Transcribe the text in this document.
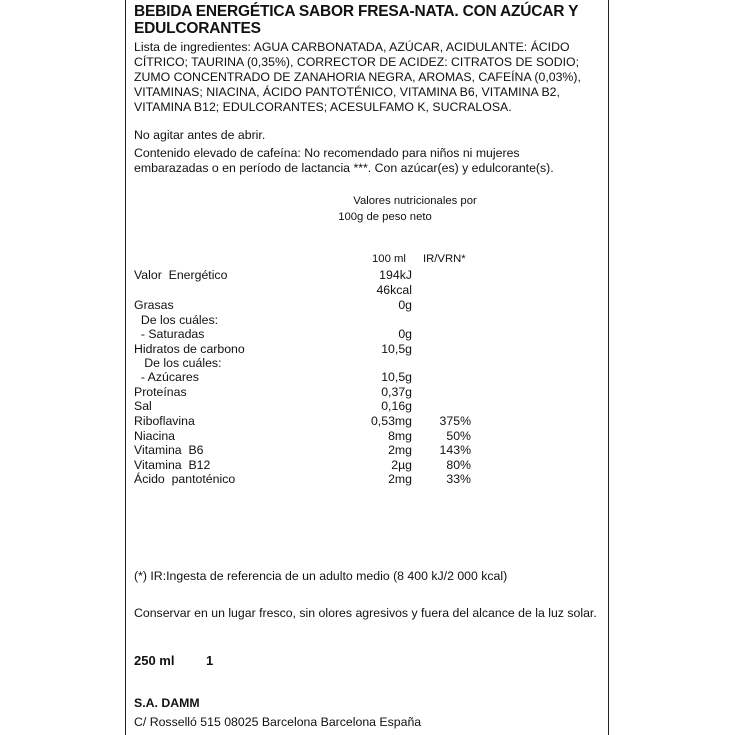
BEBIDA ENERGÉTICA SABOR FRESA-NATA. CON AZÚCAR Y EDULCORANTES
Lista de ingredientes: AGUA CARBONATADA, AZÚCAR, ACIDULANTE: ÁCIDO CÍTRICO; TAURINA (0,35%), CORRECTOR DE ACIDEZ: CITRATOS DE SODIO; ZUMO CONCENTRADO DE ZANAHORIA NEGRA, AROMAS, CAFEÍNA (0,03%), VITAMINAS; NIACINA, ÁCIDO PANTOTÉNICO, VITAMINA B6, VITAMINA B2, VITAMINA B12; EDULCORANTES; ACESULFAMO K, SUCRALOSA.
No agitar antes de abrir.
Contenido elevado de cafeína: No recomendado para niños ni mujeres embarazadas o en período de lactancia ***. Con azúcar(es) y edulcorante(s).
Valores nutricionales por
100g de peso neto
100 ml IR/VRN*
Valor  Energético	194kJ
46kcal
Grasas	0g
De los cuáles:
- Saturadas	0g
Hidratos de carbono	10,5g
De los cuáles:
- Azúcares	10,5g
Proteínas	0,37g
Sal	0,16g
Riboflavina	0,53mg 375%
Niacina	8mg	50%
Vitamina  B6	2mg 143%
Vitamina  B12	2µg	80%
Ácido  pantoténico	2mg	33%
(*) IR:Ingesta de referencia de un adulto medio (8 400 kJ/2 000 kcal)
Conservar en un lugar fresco, sin olores agresivos y fuera del alcance de la luz solar.
250 ml 1
S.A. DAMM
C/ Rosselló 515 08025 Barcelona Barcelona España
